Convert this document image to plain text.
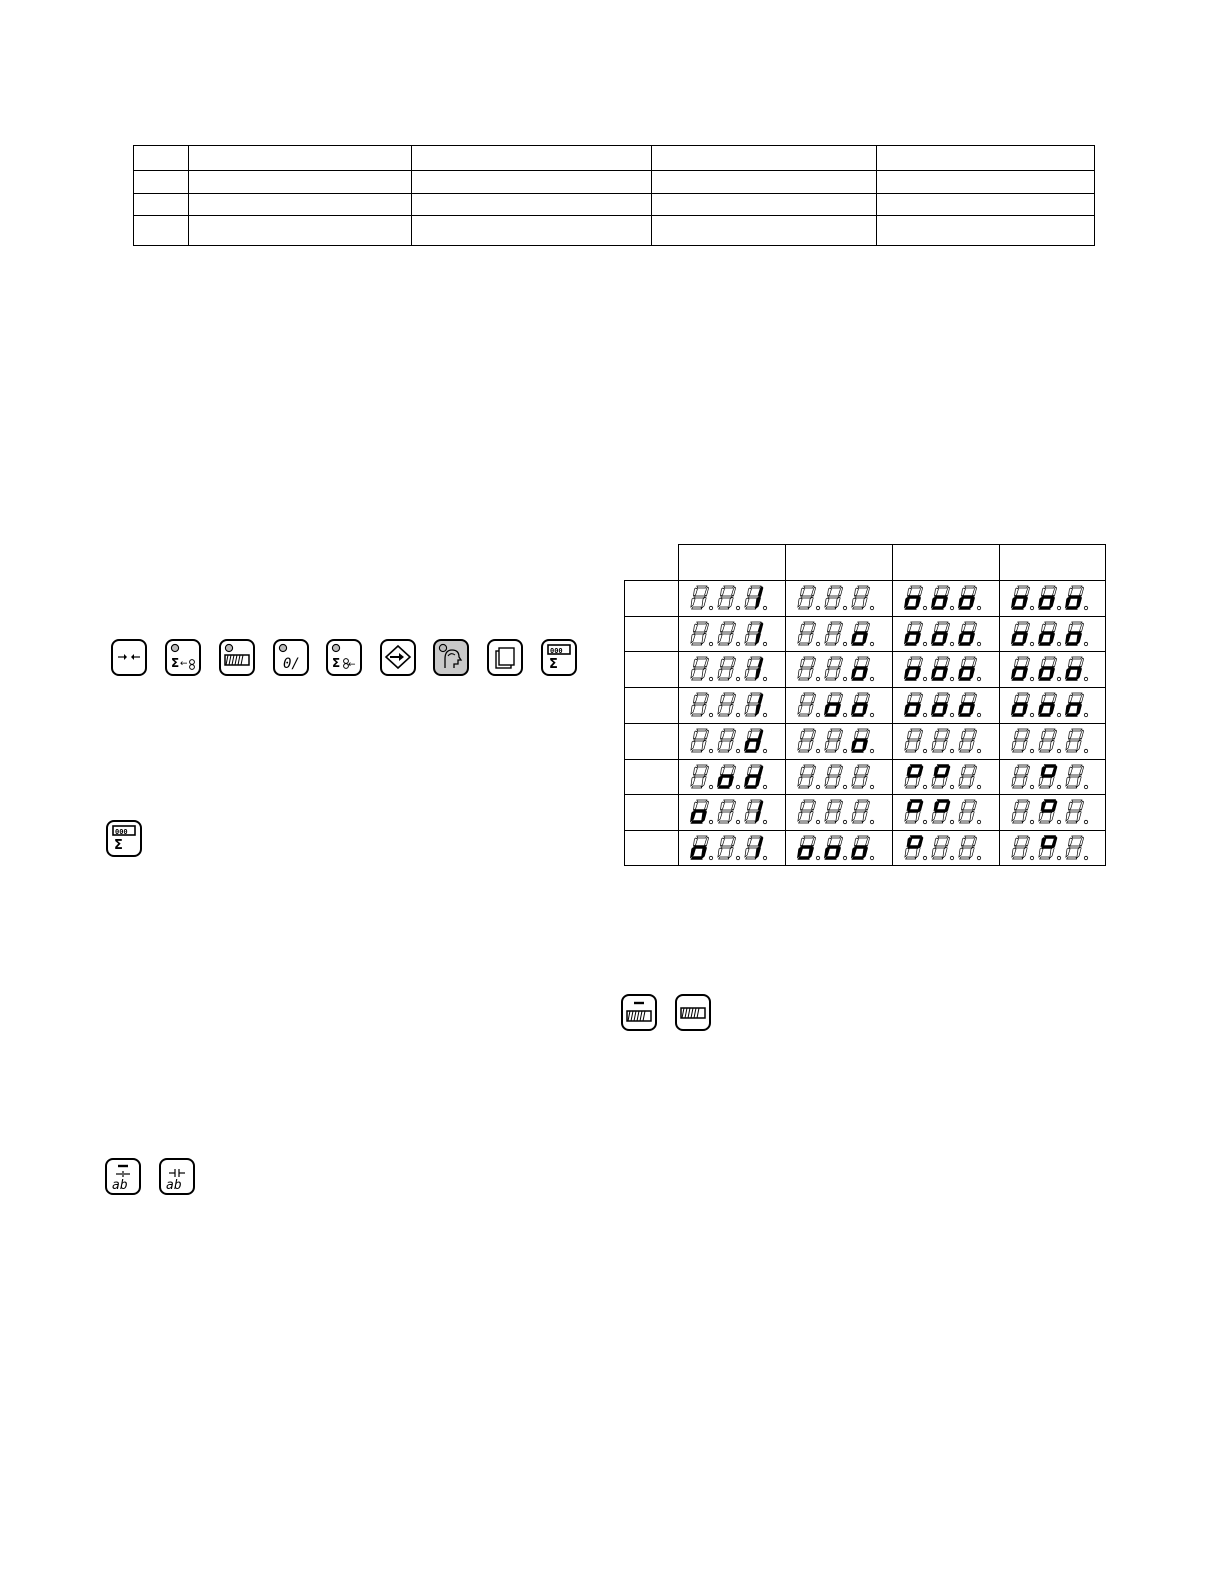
Σ ←	0/	Σ ←
000
Σ
000
Σ
ab	ab
